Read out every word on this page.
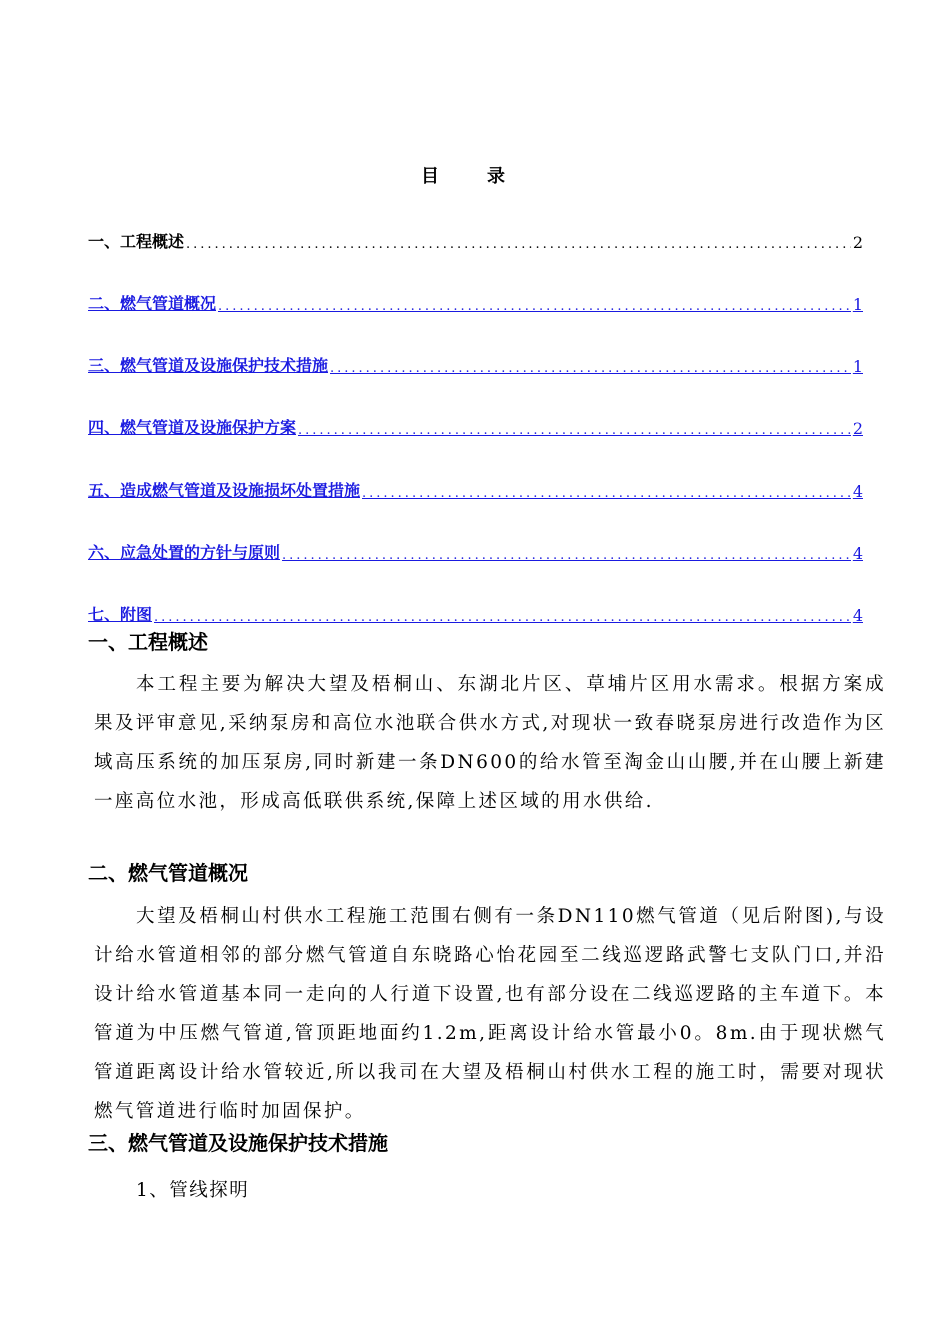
目录
一、工程概述 .....	2
二、燃气管道概况 .....	1
三、燃气管道及设施保护技术措施 .....	1
四、燃气管道及设施保护方案 .....	2
五、造成燃气管道及设施损坏处置措施 .....	4
六、应急处置的方针与原则 .....	4
七、附图 .....	4
一、工程概述
本工程主要为解决大望及梧桐山、东湖北片区、草埔片区用水需求。根据方案成果及评审意见,采纳泵房和高位水池联合供水方式,对现状一致春晓泵房进行改造作为区域高压系统的加压泵房,同时新建一条DN600的给水管至淘金山山腰,并在山腰上新建一座高位水池，形成高低联供系统,保障上述区域的用水供给.
二、燃气管道概况
大望及梧桐山村供水工程施工范围右侧有一条DN110燃气管道（见后附图),与设计给水管道相邻的部分燃气管道自东晓路心怡花园至二线巡逻路武警七支队门口,并沿设计给水管道基本同一走向的人行道下设置,也有部分设在二线巡逻路的主车道下。本管道为中压燃气管道,管顶距地面约1.2m,距离设计给水管最小0。8m.由于现状燃气管道距离设计给水管较近,所以我司在大望及梧桐山村供水工程的施工时，需要对现状燃气管道进行临时加固保护。
三、燃气管道及设施保护技术措施
1、管线探明
